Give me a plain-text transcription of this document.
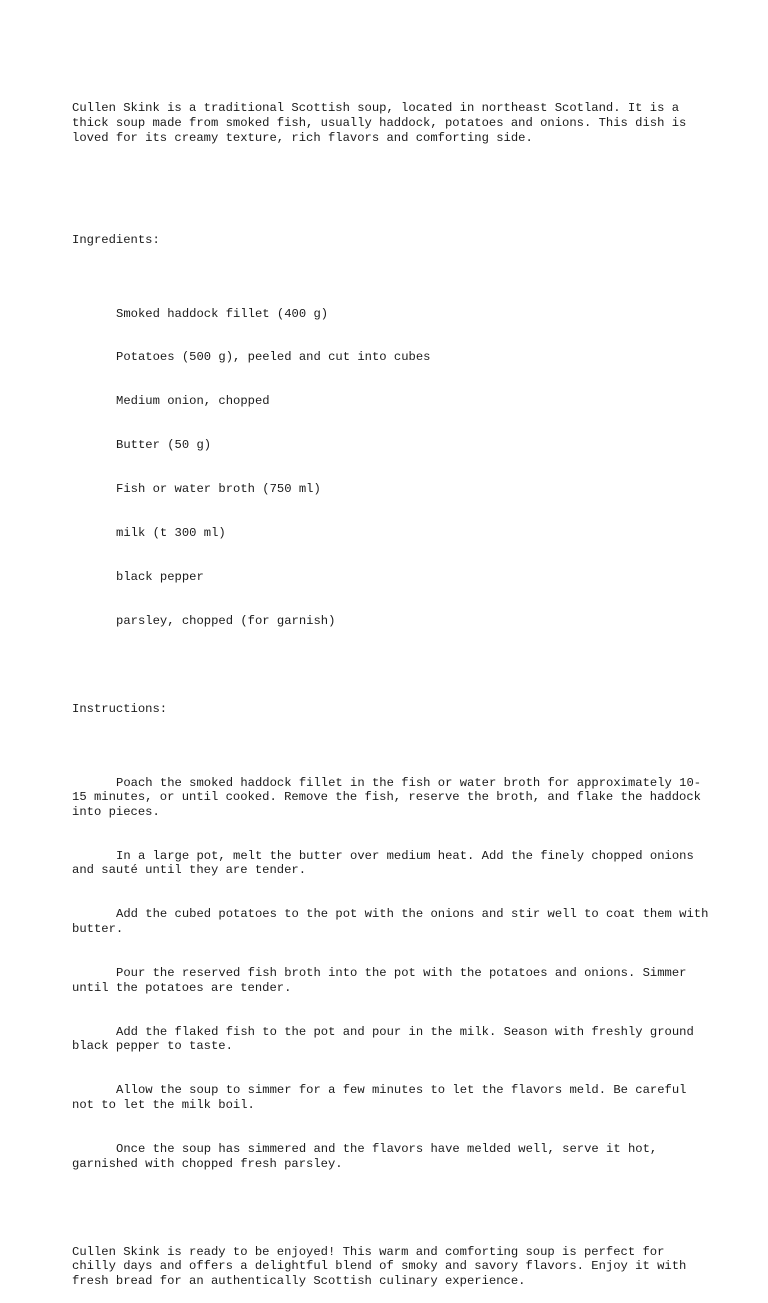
Cullen Skink is a traditional Scottish soup, located in northeast Scotland. It is a thick soup made from smoked fish, usually haddock, potatoes and onions. This dish is loved for its creamy texture, rich flavors and comforting side.

Ingredients:

Smoked haddock fillet (400 g)

Potatoes (500 g), peeled and cut into cubes

Medium onion, chopped

Butter (50 g)

Fish or water broth (750 ml)

milk (t 300 ml)

black pepper

parsley, chopped (for garnish)

Instructions:

Poach the smoked haddock fillet in the fish or water broth for approximately 10-15 minutes, or until cooked. Remove the fish, reserve the broth, and flake the haddock into pieces.

In a large pot, melt the butter over medium heat. Add the finely chopped onions and sauté until they are tender.

Add the cubed potatoes to the pot with the onions and stir well to coat them with butter.

Pour the reserved fish broth into the pot with the potatoes and onions. Simmer until the potatoes are tender.

Add the flaked fish to the pot and pour in the milk. Season with freshly ground black pepper to taste.

Allow the soup to simmer for a few minutes to let the flavors meld. Be careful not to let the milk boil.

Once the soup has simmered and the flavors have melded well, serve it hot, garnished with chopped fresh parsley.

Cullen Skink is ready to be enjoyed! This warm and comforting soup is perfect for chilly days and offers a delightful blend of smoky and savory flavors. Enjoy it with fresh bread for an authentically Scottish culinary experience.
